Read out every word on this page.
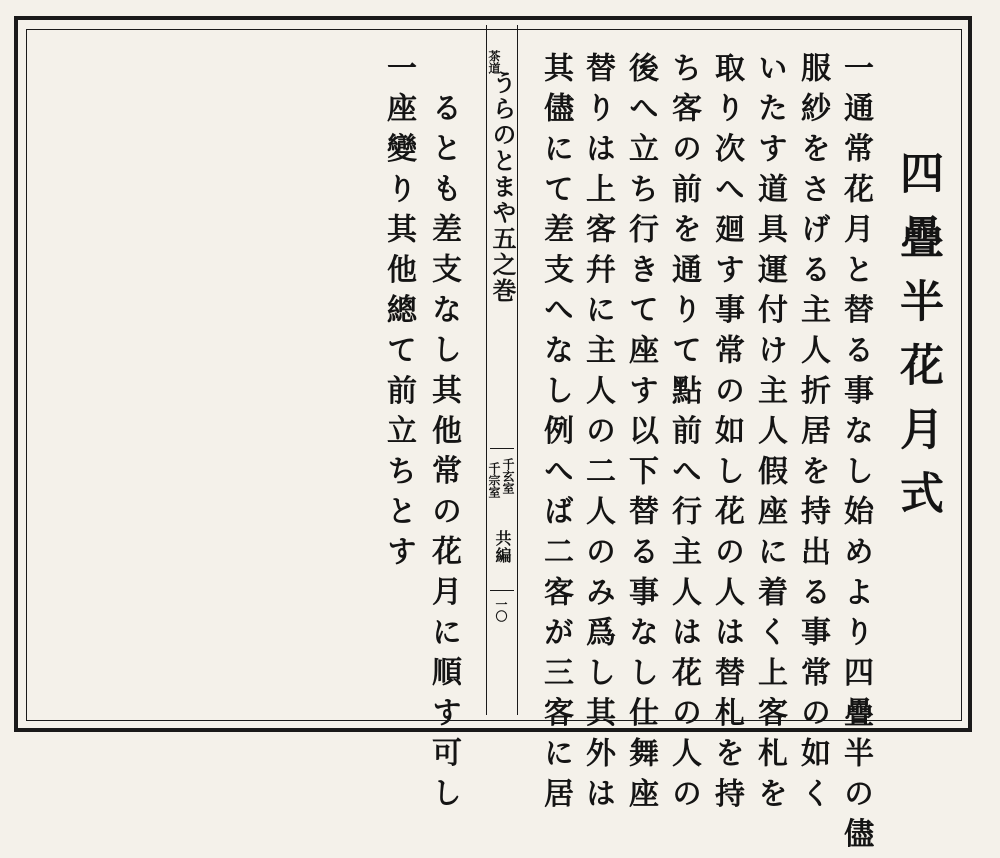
四疊半花月式
一通常花月と替る事なし始めより四疊半の儘
服紗をさげる主人折居を持出る事常の如く
いたす道具運付け主人假座に着く上客札を
取り次へ廻す事常の如し花の人は替札を持
ち客の前を通りて點前へ行主人は花の人の
後へ立ち行きて座す以下替る事なし仕舞座
替りは上客幷に主人の二人のみ爲し其外は
其儘にて差支へなし例へば二客が三客に居
茶道
うらのとまや五之巻
千玄室
千宗室
共編
一〇
るとも差支なし其他常の花月に順す可し
一座變り其他總て前立ちとす
